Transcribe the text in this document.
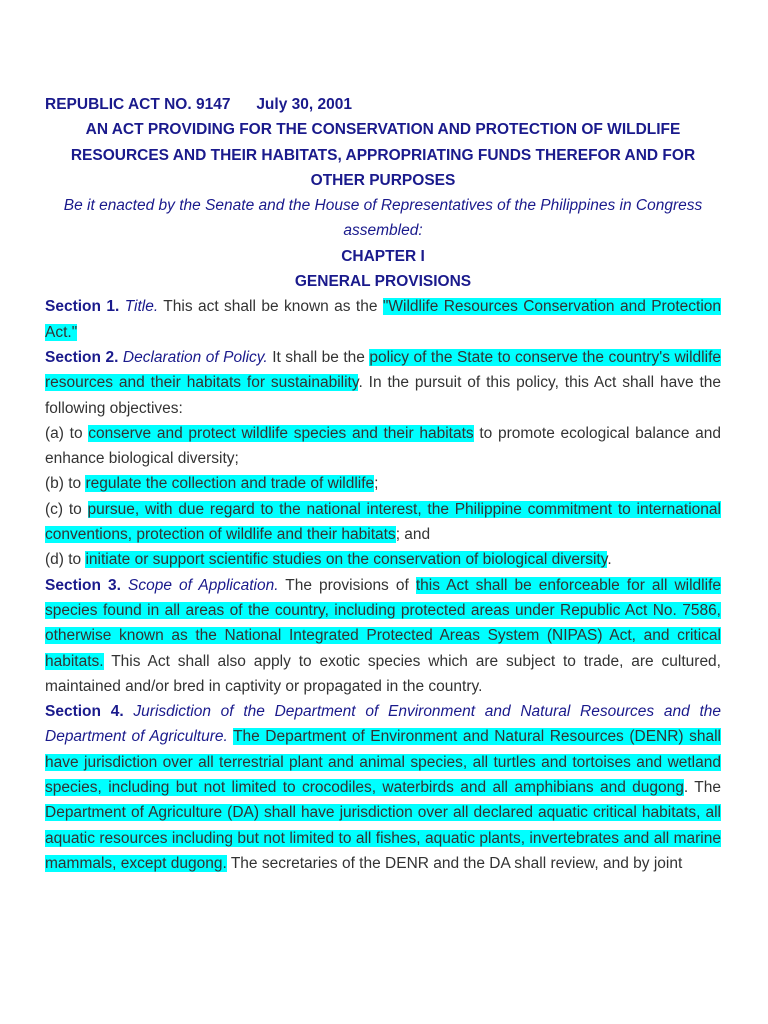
REPUBLIC ACT NO. 9147 July 30, 2001

AN ACT PROVIDING FOR THE CONSERVATION AND PROTECTION OF WILDLIFE RESOURCES AND THEIR HABITATS, APPROPRIATING FUNDS THEREFOR AND FOR OTHER PURPOSES

Be it enacted by the Senate and the House of Representatives of the Philippines in Congress assembled:

CHAPTER I

GENERAL PROVISIONS

Section 1. Title. This act shall be known as the "Wildlife Resources Conservation and Protection Act."

Section 2. Declaration of Policy. It shall be the policy of the State to conserve the country's wildlife resources and their habitats for sustainability. In the pursuit of this policy, this Act shall have the following objectives:

(a) to conserve and protect wildlife species and their habitats to promote ecological balance and enhance biological diversity;

(b) to regulate the collection and trade of wildlife;

(c) to pursue, with due regard to the national interest, the Philippine commitment to international conventions, protection of wildlife and their habitats; and

(d) to initiate or support scientific studies on the conservation of biological diversity.

Section 3. Scope of Application. The provisions of this Act shall be enforceable for all wildlife species found in all areas of the country, including protected areas under Republic Act No. 7586, otherwise known as the National Integrated Protected Areas System (NIPAS) Act, and critical habitats. This Act shall also apply to exotic species which are subject to trade, are cultured, maintained and/or bred in captivity or propagated in the country.

Section 4. Jurisdiction of the Department of Environment and Natural Resources and the Department of Agriculture. The Department of Environment and Natural Resources (DENR) shall have jurisdiction over all terrestrial plant and animal species, all turtles and tortoises and wetland species, including but not limited to crocodiles, waterbirds and all amphibians and dugong. The Department of Agriculture (DA) shall have jurisdiction over all declared aquatic critical habitats, all aquatic resources including but not limited to all fishes, aquatic plants, invertebrates and all marine mammals, except dugong. The secretaries of the DENR and the DA shall review, and by joint
